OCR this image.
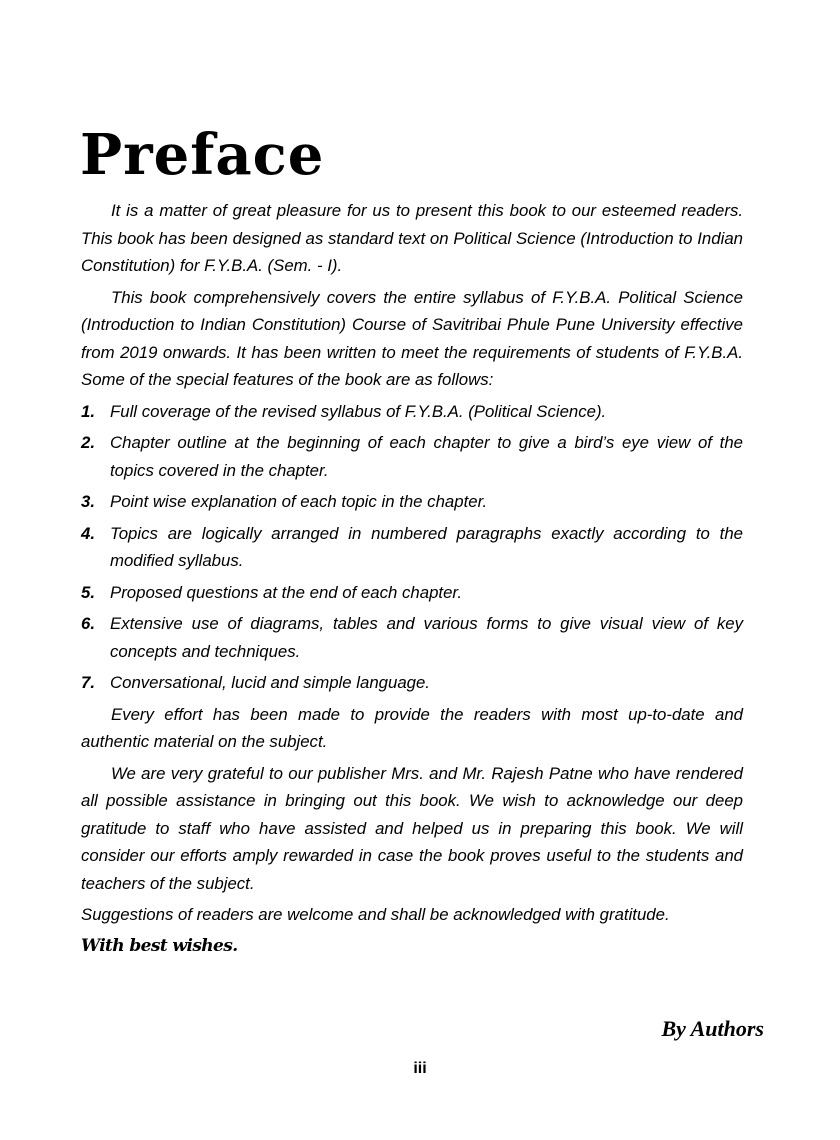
Preface

It is a matter of great pleasure for us to present this book to our esteemed readers. This book has been designed as standard text on Political Science (Introduction to Indian Constitution) for F.Y.B.A. (Sem. - I).

This book comprehensively covers the entire syllabus of F.Y.B.A. Political Science (Introduction to Indian Constitution) Course of Savitribai Phule Pune University effective from 2019 onwards. It has been written to meet the requirements of students of F.Y.B.A. Some of the special features of the book are as follows:

1. Full coverage of the revised syllabus of F.Y.B.A. (Political Science).
2. Chapter outline at the beginning of each chapter to give a bird’s eye view of the topics covered in the chapter.
3. Point wise explanation of each topic in the chapter.
4. Topics are logically arranged in numbered paragraphs exactly according to the modified syllabus.
5. Proposed questions at the end of each chapter.
6. Extensive use of diagrams, tables and various forms to give visual view of key concepts and techniques.
7. Conversational, lucid and simple language.

Every effort has been made to provide the readers with most up-to-date and authentic material on the subject.

We are very grateful to our publisher Mrs. and Mr. Rajesh Patne who have rendered all possible assistance in bringing out this book. We wish to acknowledge our deep gratitude to staff who have assisted and helped us in preparing this book. We will consider our efforts amply rewarded in case the book proves useful to the students and teachers of the subject.

Suggestions of readers are welcome and shall be acknowledged with gratitude.

With best wishes.

By Authors
iii
